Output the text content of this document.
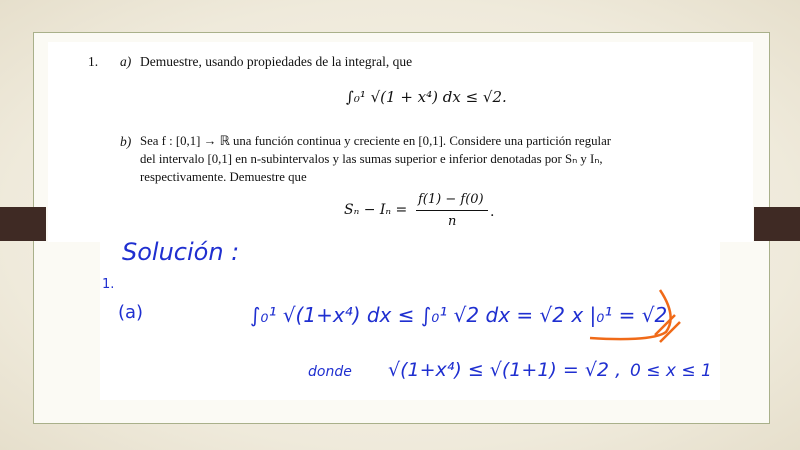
1. a) Demuestre, usando propiedades de la integral, que
∫₀¹ √(1 + x⁴) dx ≤ √2.
b) Sea f : [0,1] → ℝ una función continua y creciente en [0,1]. Considere una partición regular
del intervalo [0,1] en n-subintervalos y las sumas superior e inferior denotadas por Sₙ y Iₙ,
respectivamente. Demuestre que
Sₙ − Iₙ =
f(1) − f(0)
n
.
Solución :
1.
(a)	∫₀¹ √(1+x⁴) dx ≤ ∫₀¹ √2 dx = √2 x |₀¹ = √2
donde √(1+x⁴) ≤ √(1+1) = √2 , 0 ≤ x ≤ 1
